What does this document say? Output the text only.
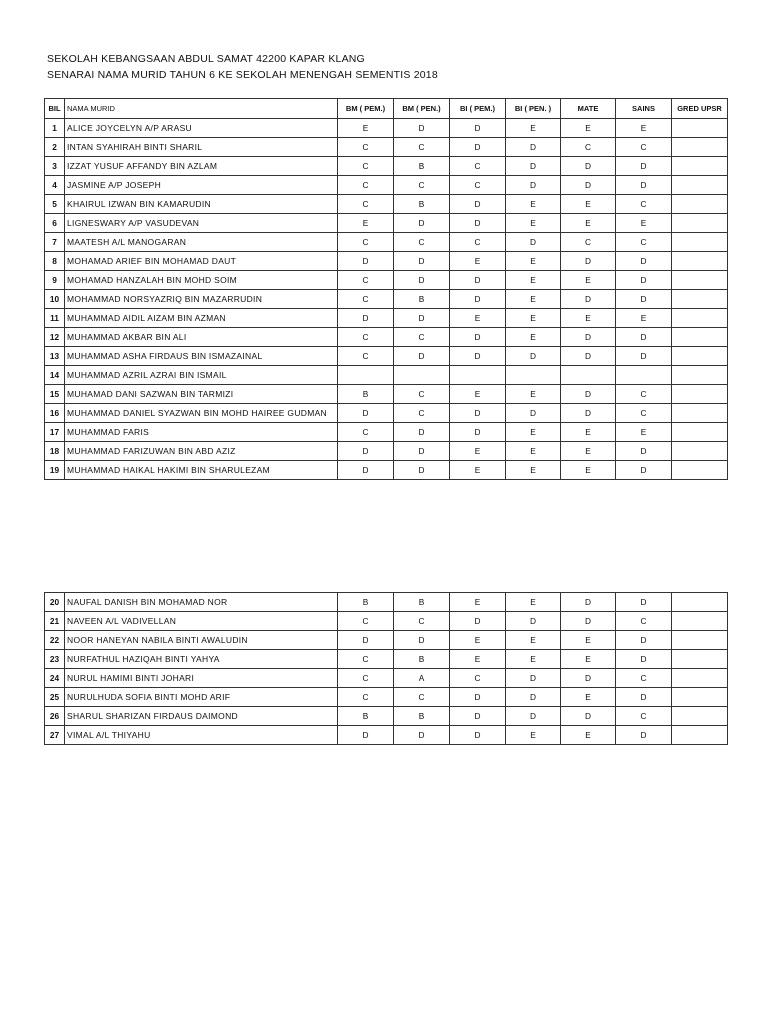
SEKOLAH KEBANGSAAN ABDUL SAMAT 42200 KAPAR KLANG
SENARAI NAMA MURID TAHUN 6 KE SEKOLAH MENENGAH SEMENTIS 2018
BIL	NAMA MURID	BM ( PEM.)	BM ( PEN.)	BI ( PEM.)	BI ( PEN. )	MATE	SAINS	GRED UPSR
1	ALICE JOYCELYN A/P ARASU	E	D	D	E	E	E	
2	INTAN SYAHIRAH BINTI SHARIL	C	C	D	D	C	C	
3	IZZAT YUSUF AFFANDY BIN AZLAM	C	B	C	D	D	D	
4	JASMINE A/P JOSEPH	C	C	C	D	D	D	
5	KHAIRUL IZWAN BIN KAMARUDIN	C	B	D	E	E	C	
6	LIGNESWARY A/P VASUDEVAN	E	D	D	E	E	E	
7	MAATESH A/L MANOGARAN	C	C	C	D	C	C	
8	MOHAMAD ARIEF BIN MOHAMAD DAUT	D	D	E	E	D	D	
9	MOHAMAD HANZALAH BIN MOHD SOIM	C	D	D	E	E	D	
10	MOHAMMAD NORSYAZRIQ BIN MAZARRUDIN	C	B	D	E	D	D	
11	MUHAMMAD AIDIL AIZAM BIN AZMAN	D	D	E	E	E	E	
12	MUHAMMAD AKBAR BIN ALI	C	C	D	E	D	D	
13	MUHAMMAD ASHA FIRDAUS BIN ISMAZAINAL	C	D	D	D	D	D	
14	MUHAMMAD AZRIL AZRAI BIN ISMAIL							
15	MUHAMAD DANI SAZWAN BIN TARMIZI	B	C	E	E	D	C	
16	MUHAMMAD DANIEL SYAZWAN BIN MOHD HAIREE GUDMAN	D	C	D	D	D	C	
17	MUHAMMAD FARIS	C	D	D	E	E	E	
18	MUHAMMAD FARIZUWAN BIN ABD AZIZ	D	D	E	E	E	D	
19	MUHAMMAD HAIKAL HAKIMI BIN SHARULEZAM	D	D	E	E	E	D	
20	NAUFAL DANISH BIN MOHAMAD NOR	B	B	E	E	D	D	
21	NAVEEN A/L VADIVELLAN	C	C	D	D	D	C	
22	NOOR HANEYAN NABILA BINTI AWALUDIN	D	D	E	E	E	D	
23	NURFATHUL HAZIQAH BINTI YAHYA	C	B	E	E	E	D	
24	NURUL HAMIMI BINTI JOHARI	C	A	C	D	D	C	
25	NURULHUDA SOFIA BINTI MOHD ARIF	C	C	D	D	E	D	
26	SHARUL SHARIZAN FIRDAUS DAIMOND	B	B	D	D	D	C	
27	VIMAL A/L THIYAHU	D	D	D	E	E	D	
